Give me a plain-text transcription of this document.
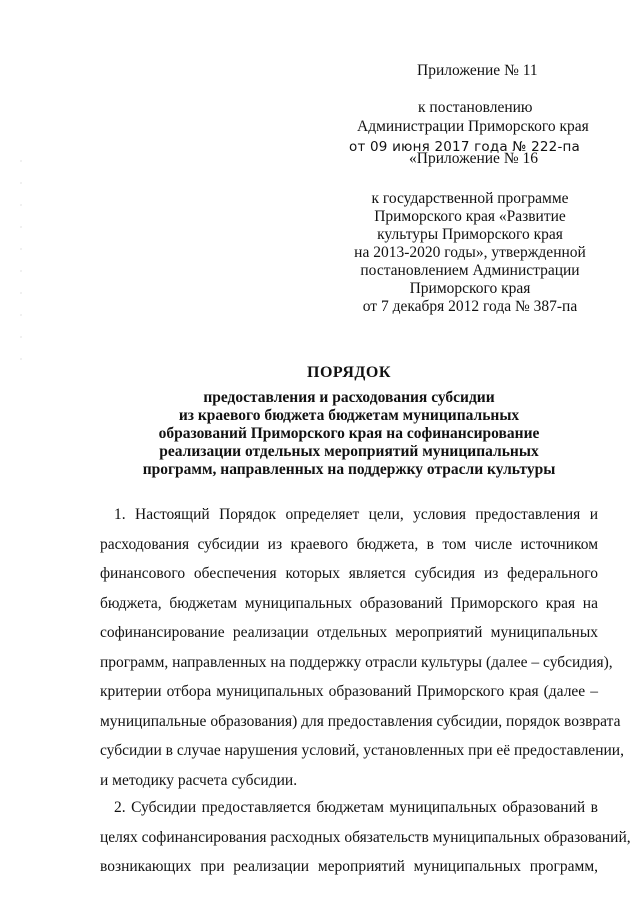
Приложение № 11
к постановлению
Администрации Приморского края
от 09 июня 2017 года № 222-па
«Приложение № 16
к государственной программе
Приморского края «Развитие
культуры Приморского края
на 2013-2020 годы», утвержденной
постановлением Администрации
Приморского края
от 7 декабря 2012 года № 387-па
ПОРЯДОК
предоставления и расходования субсидии
из краевого бюджета бюджетам муниципальных
образований Приморского края на софинансирование
реализации отдельных мероприятий муниципальных
программ, направленных на поддержку отрасли культуры

1. Настоящий Порядок определяет цели, условия предоставления и
расходования субсидии из краевого бюджета, в том числе источником
финансового обеспечения которых является субсидия из федерального
бюджета, бюджетам муниципальных образований Приморского края на
софинансирование реализации отдельных мероприятий муниципальных
программ, направленных на поддержку отрасли культуры (далее – субсидия),
критерии отбора муниципальных образований Приморского края (далее –
муниципальные образования) для предоставления субсидии, порядок возврата
субсидии в случае нарушения условий, установленных при её предоставлении,
и методику расчета субсидии.

2. Субсидии предоставляется бюджетам муниципальных образований в
целях софинансирования расходных обязательств муниципальных образований,
возникающих при реализации мероприятий муниципальных программ,
